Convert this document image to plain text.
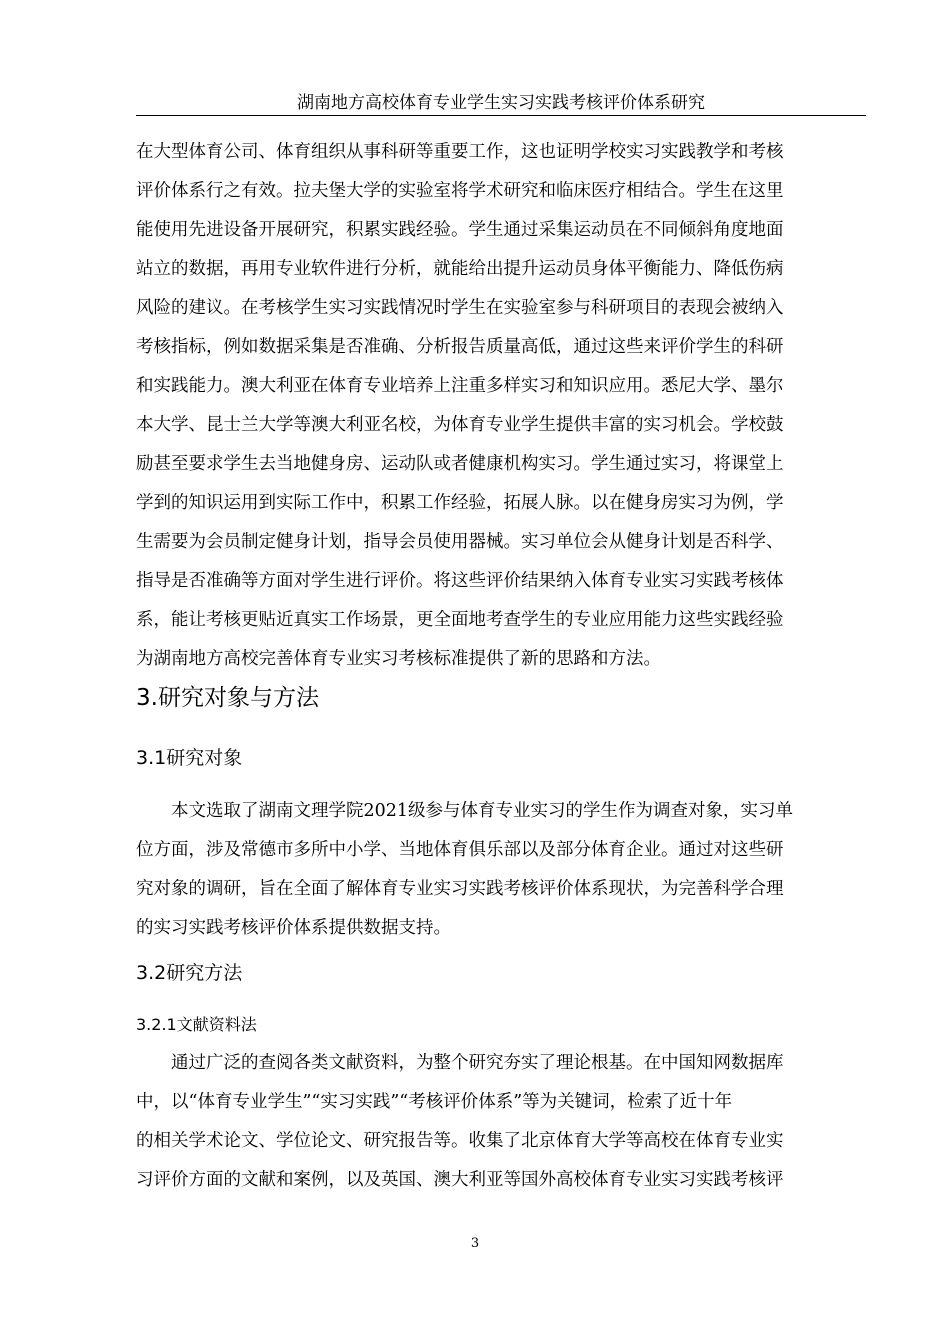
湖南地方高校体育专业学生实习实践考核评价体系研究
在大型体育公司、体育组织从事科研等重要工作，这也证明学校实习实践教学和考核
评价体系行之有效。拉夫堡大学的实验室将学术研究和临床医疗相结合。学生在这里
能使用先进设备开展研究，积累实践经验。学生通过采集运动员在不同倾斜角度地面
站立的数据，再用专业软件进行分析，就能给出提升运动员身体平衡能力、降低伤病
风险的建议。在考核学生实习实践情况时学生在实验室参与科研项目的表现会被纳入
考核指标，例如数据采集是否准确、分析报告质量高低，通过这些来评价学生的科研
和实践能力。澳大利亚在体育专业培养上注重多样实习和知识应用。悉尼大学、墨尔
本大学、昆士兰大学等澳大利亚名校，为体育专业学生提供丰富的实习机会。学校鼓
励甚至要求学生去当地健身房、运动队或者健康机构实习。学生通过实习，将课堂上
学到的知识运用到实际工作中，积累工作经验，拓展人脉。以在健身房实习为例，学
生需要为会员制定健身计划，指导会员使用器械。实习单位会从健身计划是否科学、
指导是否准确等方面对学生进行评价。将这些评价结果纳入体育专业实习实践考核体
系，能让考核更贴近真实工作场景，更全面地考查学生的专业应用能力这些实践经验
为湖南地方高校完善体育专业实习考核标准提供了新的思路和方法。
3.研究对象与方法
3.1研究对象
　　本文选取了湖南文理学院2021级参与体育专业实习的学生作为调查对象，实习单
位方面，涉及常德市多所中小学、当地体育俱乐部以及部分体育企业。通过对这些研
究对象的调研，旨在全面了解体育专业实习实践考核评价体系现状，为完善科学合理
的实习实践考核评价体系提供数据支持。
3.2研究方法
3.2.1文献资料法
　　通过广泛的查阅各类文献资料，为整个研究夯实了理论根基。在中国知网数据库
中，以“体育专业学生”“实习实践”“考核评价体系”等为关键词，检索了近十年
的相关学术论文、学位论文、研究报告等。收集了北京体育大学等高校在体育专业实
习评价方面的文献和案例，以及英国、澳大利亚等国外高校体育专业实习实践考核评
3
